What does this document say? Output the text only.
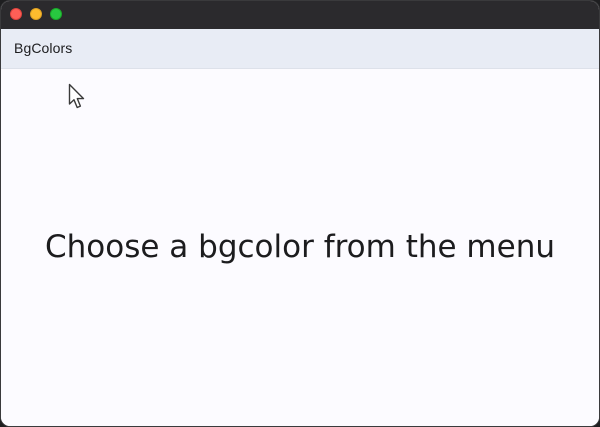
BgColors
Choose a bgcolor from the menu
